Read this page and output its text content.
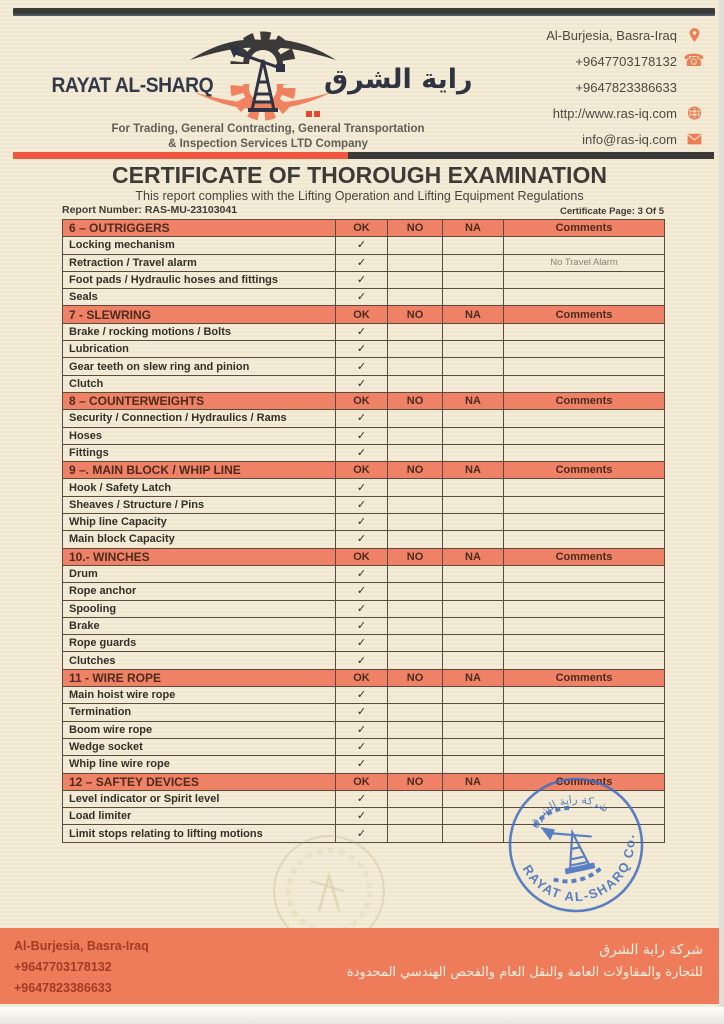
RAYAT AL-SHARQ	راية الشرق
For Trading, General Contracting, General Transportation
& Inspection Services LTD Company
Al-Burjesia, Basra-Iraq
+9647703178132 ☎
+9647823386633
http://www.ras-iq.com
info@ras-iq.com
CERTIFICATE OF THOROUGH EXAMINATION
This report complies with the Lifting Operation and Lifting Equipment Regulations
Report Number: RAS-MU-23103041	Certificate Page: 3 Of 5
6 – OUTRIGGERS	OK	NO	NA	Comments
Locking mechanism	✓			
Retraction / Travel alarm	✓			No Travel Alarm
Foot pads / Hydraulic hoses and fittings	✓			
Seals	✓			
7 - SLEWRING	OK	NO	NA	Comments
Brake / rocking motions / Bolts	✓			
Lubrication	✓			
Gear teeth on slew ring and pinion	✓			
Clutch	✓			
8 – COUNTERWEIGHTS	OK	NO	NA	Comments
Security / Connection / Hydraulics / Rams	✓			
Hoses	✓			
Fittings	✓			
9 –. MAIN BLOCK / WHIP LINE	OK	NO	NA	Comments
Hook / Safety Latch	✓			
Sheaves / Structure / Pins	✓			
Whip line Capacity	✓			
Main block Capacity	✓			
10.- WINCHES	OK	NO	NA	Comments
Drum	✓			
Rope anchor	✓			
Spooling	✓			
Brake	✓			
Rope guards	✓			
Clutches	✓			
11 - WIRE ROPE	OK	NO	NA	Comments
Main hoist wire rope	✓			
Termination	✓			
Boom wire rope	✓			
Wedge socket	✓			
Whip line wire rope	✓			
12 – SAFTEY DEVICES	OK	NO	NA	Comments
Level indicator or Spirit level	✓			
Load limiter	✓			
Limit stops relating to lifting motions	✓			
RAYAT AL-SHARQ Co.
شركة راية الشرق
Al-Burjesia, Basra-Iraq
+9647703178132
+9647823386633
شركة راية الشرق
للتجارة والمقاولات العامة والنقل العام والفحص الهندسي المحدودة
